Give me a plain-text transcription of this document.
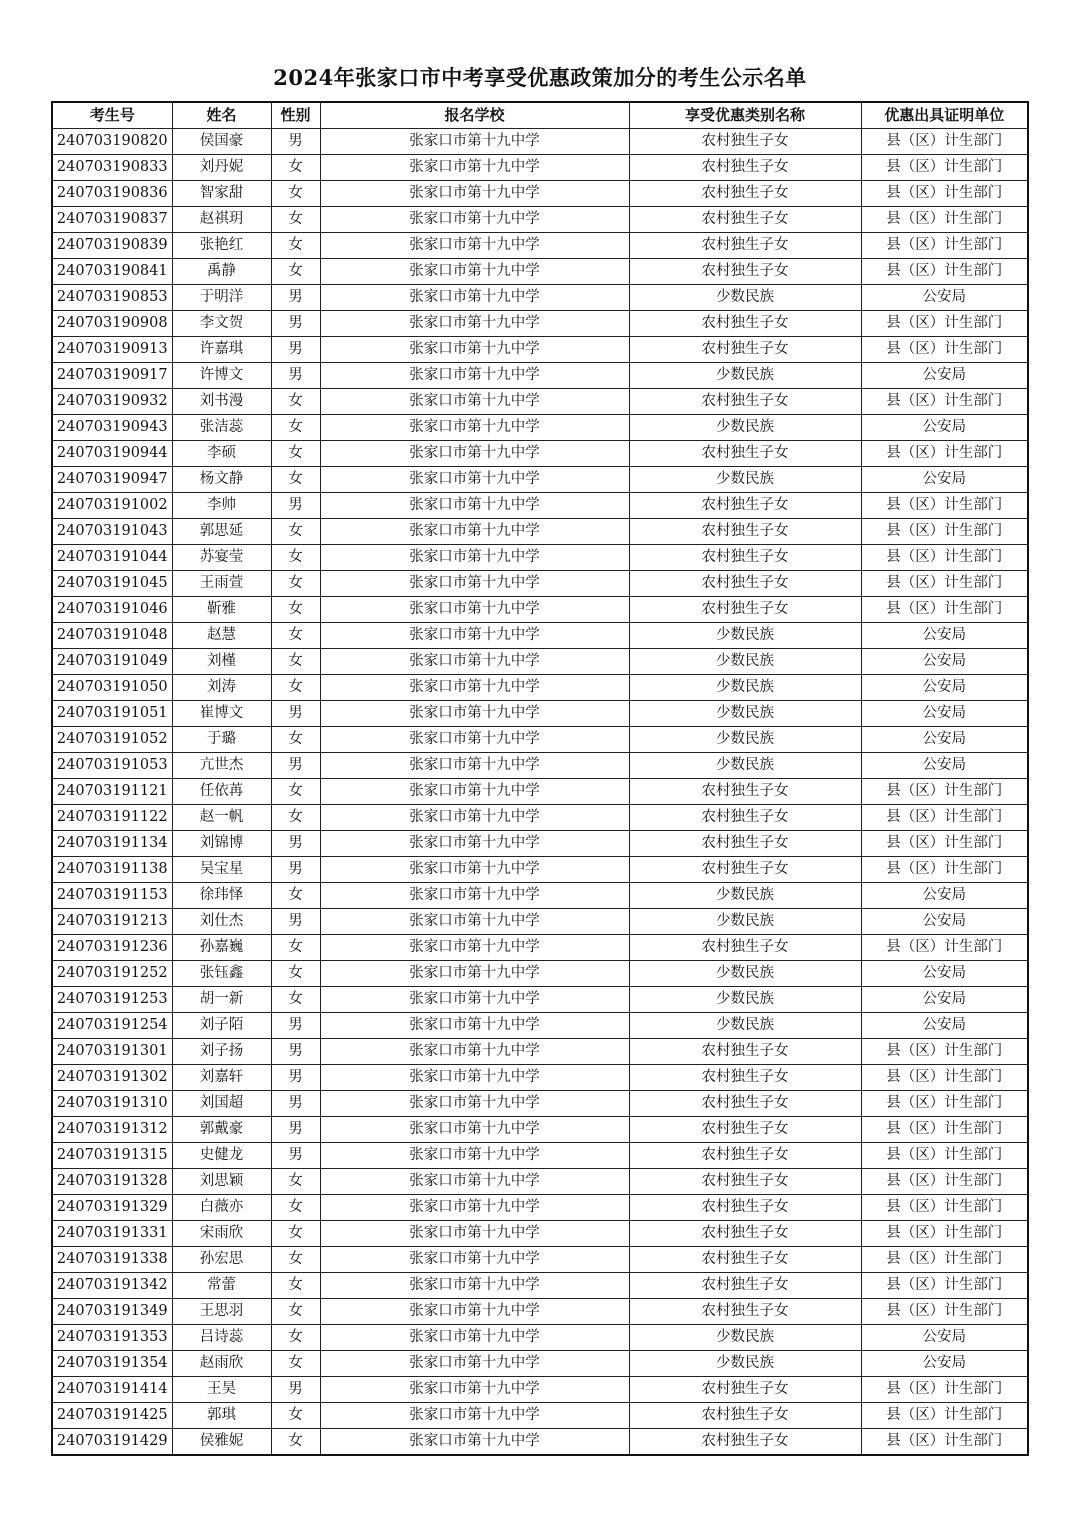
2024年张家口市中考享受优惠政策加分的考生公示名单
考生号	姓名	性别	报名学校	享受优惠类别名称	优惠出具证明单位
240703190820	侯国豪	男	张家口市第十九中学	农村独生子女	县（区）计生部门
240703190833	刘丹妮	女	张家口市第十九中学	农村独生子女	县（区）计生部门
240703190836	智家甜	女	张家口市第十九中学	农村独生子女	县（区）计生部门
240703190837	赵祺玥	女	张家口市第十九中学	农村独生子女	县（区）计生部门
240703190839	张艳红	女	张家口市第十九中学	农村独生子女	县（区）计生部门
240703190841	禹静	女	张家口市第十九中学	农村独生子女	县（区）计生部门
240703190853	于明洋	男	张家口市第十九中学	少数民族	公安局
240703190908	李文贺	男	张家口市第十九中学	农村独生子女	县（区）计生部门
240703190913	许嘉琪	男	张家口市第十九中学	农村独生子女	县（区）计生部门
240703190917	许博文	男	张家口市第十九中学	少数民族	公安局
240703190932	刘书漫	女	张家口市第十九中学	农村独生子女	县（区）计生部门
240703190943	张洁蕊	女	张家口市第十九中学	少数民族	公安局
240703190944	李硕	女	张家口市第十九中学	农村独生子女	县（区）计生部门
240703190947	杨文静	女	张家口市第十九中学	少数民族	公安局
240703191002	李帅	男	张家口市第十九中学	农村独生子女	县（区）计生部门
240703191043	郭思延	女	张家口市第十九中学	农村独生子女	县（区）计生部门
240703191044	苏宴莹	女	张家口市第十九中学	农村独生子女	县（区）计生部门
240703191045	王雨萱	女	张家口市第十九中学	农村独生子女	县（区）计生部门
240703191046	靳雅	女	张家口市第十九中学	农村独生子女	县（区）计生部门
240703191048	赵慧	女	张家口市第十九中学	少数民族	公安局
240703191049	刘槿	女	张家口市第十九中学	少数民族	公安局
240703191050	刘涛	女	张家口市第十九中学	少数民族	公安局
240703191051	崔博文	男	张家口市第十九中学	少数民族	公安局
240703191052	于璐	女	张家口市第十九中学	少数民族	公安局
240703191053	亢世杰	男	张家口市第十九中学	少数民族	公安局
240703191121	任依苒	女	张家口市第十九中学	农村独生子女	县（区）计生部门
240703191122	赵一帆	女	张家口市第十九中学	农村独生子女	县（区）计生部门
240703191134	刘锦博	男	张家口市第十九中学	农村独生子女	县（区）计生部门
240703191138	吴宝星	男	张家口市第十九中学	农村独生子女	县（区）计生部门
240703191153	徐玮怿	女	张家口市第十九中学	少数民族	公安局
240703191213	刘仕杰	男	张家口市第十九中学	少数民族	公安局
240703191236	孙嘉巍	女	张家口市第十九中学	农村独生子女	县（区）计生部门
240703191252	张钰鑫	女	张家口市第十九中学	少数民族	公安局
240703191253	胡一新	女	张家口市第十九中学	少数民族	公安局
240703191254	刘子陌	男	张家口市第十九中学	少数民族	公安局
240703191301	刘子扬	男	张家口市第十九中学	农村独生子女	县（区）计生部门
240703191302	刘嘉轩	男	张家口市第十九中学	农村独生子女	县（区）计生部门
240703191310	刘国超	男	张家口市第十九中学	农村独生子女	县（区）计生部门
240703191312	郭戴豪	男	张家口市第十九中学	农村独生子女	县（区）计生部门
240703191315	史健龙	男	张家口市第十九中学	农村独生子女	县（区）计生部门
240703191328	刘思颖	女	张家口市第十九中学	农村独生子女	县（区）计生部门
240703191329	白薇亦	女	张家口市第十九中学	农村独生子女	县（区）计生部门
240703191331	宋雨欣	女	张家口市第十九中学	农村独生子女	县（区）计生部门
240703191338	孙宏思	女	张家口市第十九中学	农村独生子女	县（区）计生部门
240703191342	常蕾	女	张家口市第十九中学	农村独生子女	县（区）计生部门
240703191349	王思羽	女	张家口市第十九中学	农村独生子女	县（区）计生部门
240703191353	吕诗蕊	女	张家口市第十九中学	少数民族	公安局
240703191354	赵雨欣	女	张家口市第十九中学	少数民族	公安局
240703191414	王昊	男	张家口市第十九中学	农村独生子女	县（区）计生部门
240703191425	郭琪	女	张家口市第十九中学	农村独生子女	县（区）计生部门
240703191429	侯雅妮	女	张家口市第十九中学	农村独生子女	县（区）计生部门
